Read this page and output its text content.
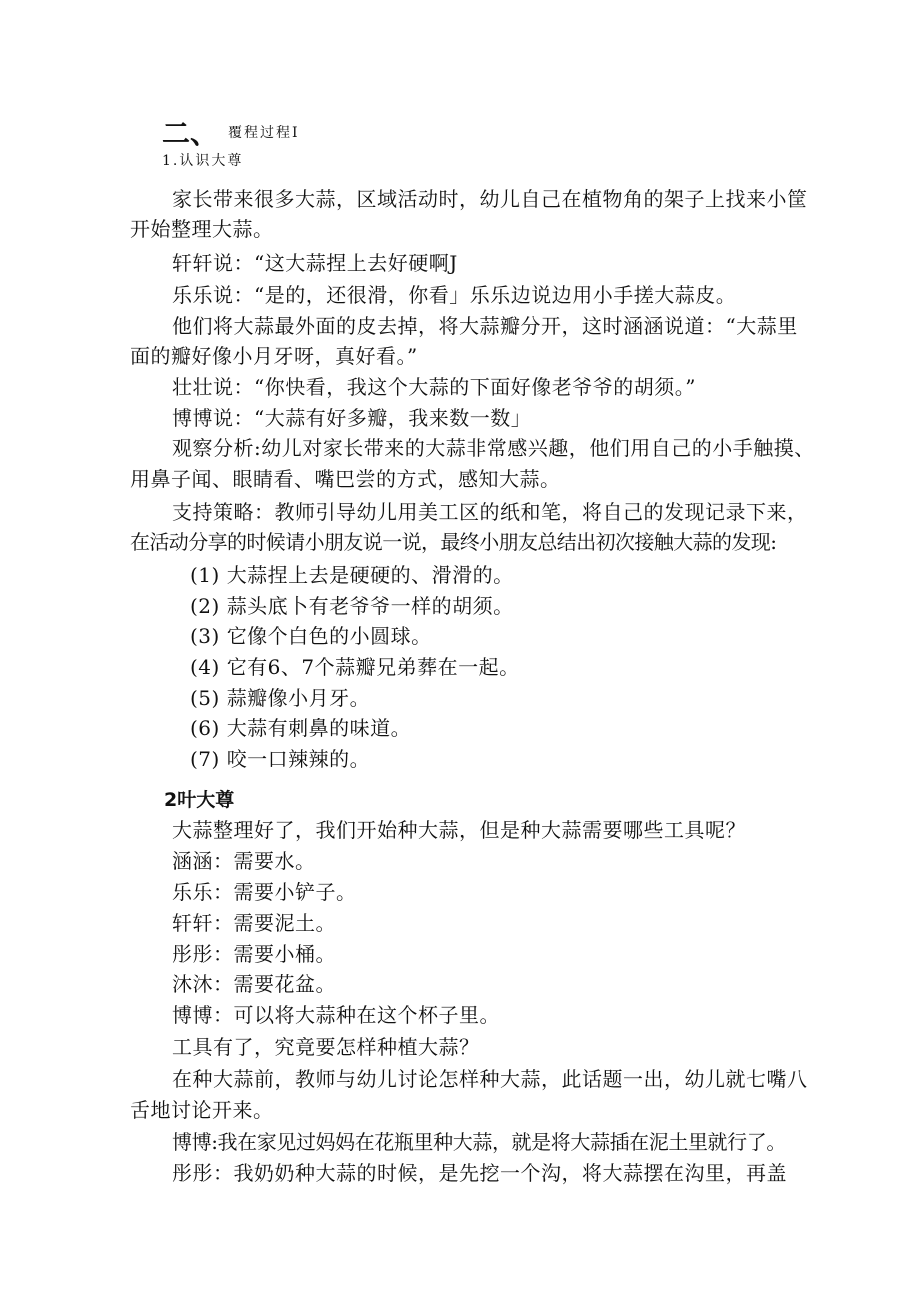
二、 覆程过程I
1.认识大尊
家长带来很多大蒜，区域活动时，幼儿自己在植物角的架子上找来小筐
开始整理大蒜。
轩轩说：“这大蒜捏上去好硬啊J
乐乐说：“是的，还很滑，你看」乐乐边说边用小手搓大蒜皮。
他们将大蒜最外面的皮去掉，将大蒜瓣分开，这时涵涵说道：“大蒜里
面的瓣好像小月牙呀，真好看。”
壮壮说：“你快看，我这个大蒜的下面好像老爷爷的胡须。”
博博说：“大蒜有好多瓣，我来数一数」
观察分析:幼儿对家长带来的大蒜非常感兴趣，他们用自己的小手触摸、
用鼻子闻、眼睛看、嘴巴尝的方式，感知大蒜。
支持策略：教师引导幼儿用美工区的纸和笔，将自己的发现记录下来，
在活动分享的时候请小朋友说一说，最终小朋友总结出初次接触大蒜的发现:
(1) 大蒜捏上去是硬硬的、滑滑的。
(2) 蒜头底卜有老爷爷一样的胡须。
(3) 它像个白色的小圆球。
(4) 它有6、7个蒜瓣兄弟葬在一起。
(5) 蒜瓣像小月牙。
(6) 大蒜有刺鼻的味道。
(7) 咬一口辣辣的。
2叶大尊
大蒜整理好了，我们开始种大蒜，但是种大蒜需要哪些工具呢？
涵涵：需要水。
乐乐：需要小铲子。
轩轩：需要泥土。
彤彤：需要小桶。
沐沐：需要花盆。
博博：可以将大蒜种在这个杯子里。
工具有了，究竟要怎样种植大蒜？
在种大蒜前，教师与幼儿讨论怎样种大蒜，此话题一出，幼儿就七嘴八
舌地讨论开来。
博博:我在家见过妈妈在花瓶里种大蒜，就是将大蒜插在泥土里就行了。
彤彤：我奶奶种大蒜的时候，是先挖一个沟，将大蒜摆在沟里，再盖
